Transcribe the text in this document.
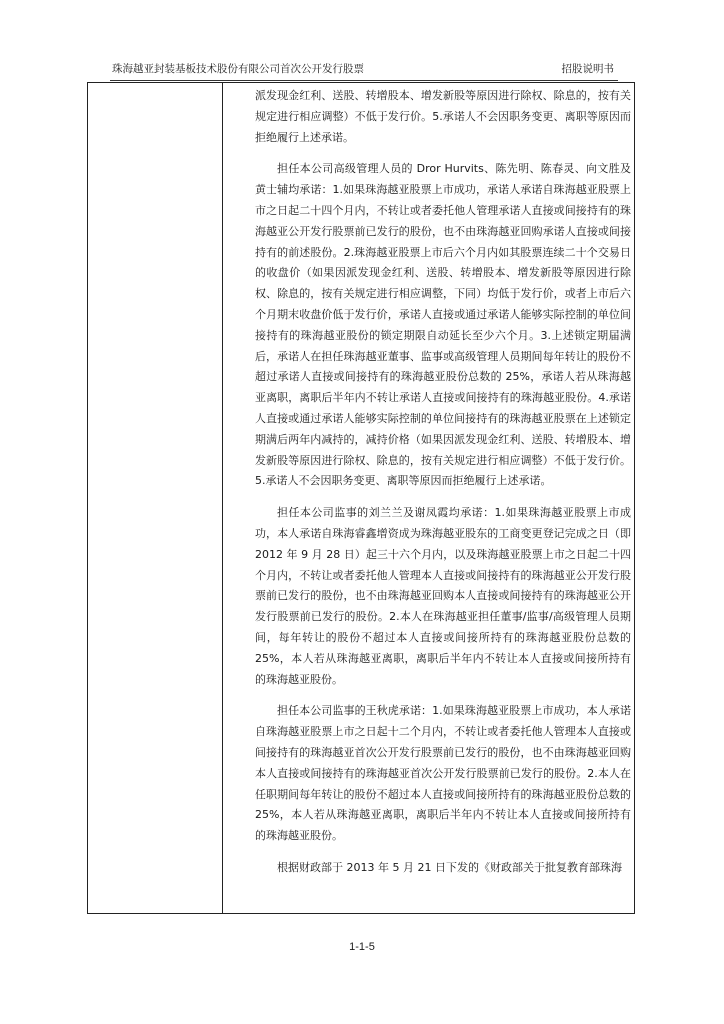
珠海越亚封装基板技术股份有限公司首次公开发行股票	招股说明书

派发现金红利、送股、转增股本、增发新股等原因进行除权、除息的，按有关规定进行相应调整）不低于发行价。5.承诺人不会因职务变更、离职等原因而拒绝履行上述承诺。

担任本公司高级管理人员的 Dror Hurvits、陈先明、陈春灵、向文胜及黄士辅均承诺：1.如果珠海越亚股票上市成功，承诺人承诺自珠海越亚股票上市之日起二十四个月内，不转让或者委托他人管理承诺人直接或间接持有的珠海越亚公开发行股票前已发行的股份，也不由珠海越亚回购承诺人直接或间接持有的前述股份。2.珠海越亚股票上市后六个月内如其股票连续二十个交易日的收盘价（如果因派发现金红利、送股、转增股本、增发新股等原因进行除权、除息的，按有关规定进行相应调整，下同）均低于发行价，或者上市后六个月期末收盘价低于发行价，承诺人直接或通过承诺人能够实际控制的单位间接持有的珠海越亚股份的锁定期限自动延长至少六个月。3.上述锁定期届满后，承诺人在担任珠海越亚董事、监事或高级管理人员期间每年转让的股份不超过承诺人直接或间接持有的珠海越亚股份总数的 25%，承诺人若从珠海越亚离职，离职后半年内不转让承诺人直接或间接持有的珠海越亚股份。4.承诺人直接或通过承诺人能够实际控制的单位间接持有的珠海越亚股票在上述锁定期满后两年内减持的，减持价格（如果因派发现金红利、送股、转增股本、增发新股等原因进行除权、除息的，按有关规定进行相应调整）不低于发行价。5.承诺人不会因职务变更、离职等原因而拒绝履行上述承诺。

担任本公司监事的刘兰兰及谢凤霞均承诺：1.如果珠海越亚股票上市成功，本人承诺自珠海睿鑫增资成为珠海越亚股东的工商变更登记完成之日（即 2012 年 9 月 28 日）起三十六个月内，以及珠海越亚股票上市之日起二十四个月内，不转让或者委托他人管理本人直接或间接持有的珠海越亚公开发行股票前已发行的股份，也不由珠海越亚回购本人直接或间接持有的珠海越亚公开发行股票前已发行的股份。2.本人在珠海越亚担任董事/监事/高级管理人员期间，每年转让的股份不超过本人直接或间接所持有的珠海越亚股份总数的 25%，本人若从珠海越亚离职，离职后半年内不转让本人直接或间接所持有的珠海越亚股份。

担任本公司监事的王秋虎承诺：1.如果珠海越亚股票上市成功，本人承诺自珠海越亚股票上市之日起十二个月内，不转让或者委托他人管理本人直接或间接持有的珠海越亚首次公开发行股票前已发行的股份，也不由珠海越亚回购本人直接或间接持有的珠海越亚首次公开发行股票前已发行的股份。2.本人在任职期间每年转让的股份不超过本人直接或间接所持有的珠海越亚股份总数的 25%，本人若从珠海越亚离职，离职后半年内不转让本人直接或间接所持有的珠海越亚股份。

根据财政部于 2013 年 5 月 21 日下发的《财政部关于批复教育部珠海

1-1-5
